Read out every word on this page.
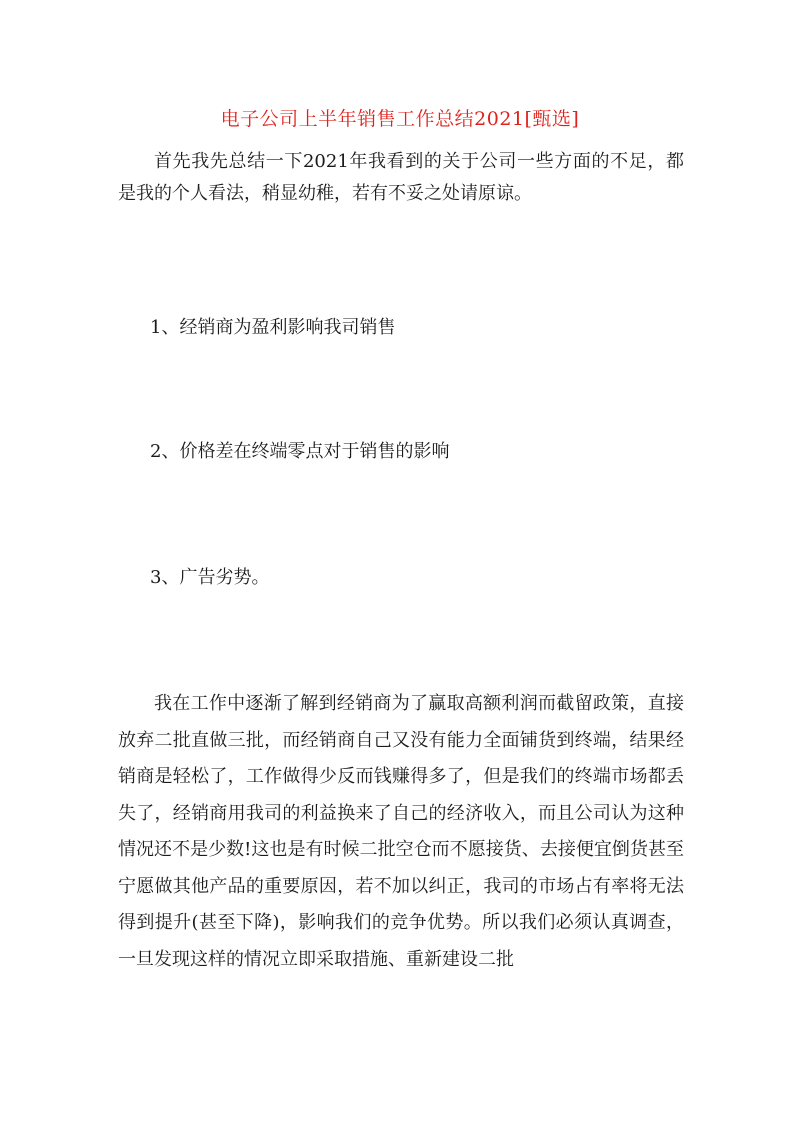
电子公司上半年销售工作总结2021[甄选]
首先我先总结一下2021年我看到的关于公司一些方面的不足，都是我的个人看法，稍显幼稚，若有不妥之处请原谅。
1、经销商为盈利影响我司销售
2、价格差在终端零点对于销售的影响
3、广告劣势。
我在工作中逐渐了解到经销商为了赢取高额利润而截留政策，直接放弃二批直做三批，而经销商自己又没有能力全面铺货到终端，结果经销商是轻松了，工作做得少反而钱赚得多了，但是我们的终端市场都丢失了，经销商用我司的利益换来了自己的经济收入，而且公司认为这种情况还不是少数!这也是有时候二批空仓而不愿接货、去接便宜倒货甚至宁愿做其他产品的重要原因，若不加以纠正，我司的市场占有率将无法得到提升(甚至下降)，影响我们的竞争优势。所以我们必须认真调查，一旦发现这样的情况立即采取措施、重新建设二批
